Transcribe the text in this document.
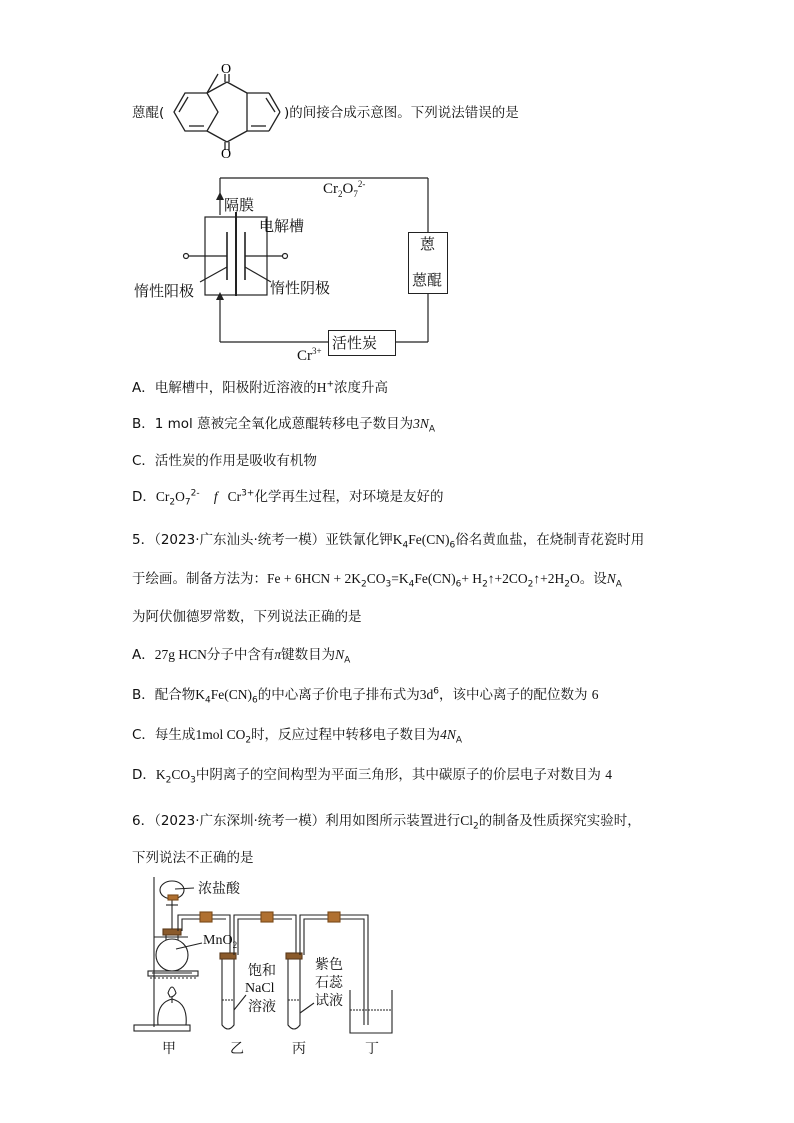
蒽醌(	)的间接合成示意图。下列说法错误的是
O
O
$Cr_2O_7^{2-}$
隔膜
电解槽
惰性阳极	惰性阴极
蒽
蒽醌
活性炭
$Cr^{3+}$
A．电解槽中，阳极附近溶液的H+浓度升高
B．1 mol 蒽被完全氧化成蒽醌转移电子数目为$3N_A$
C．活性炭的作用是吸收有机物
D．$Cr_2O_7^{2-}$ f $Cr^{3+}$化学再生过程，对环境是友好的
5．（2023·广东汕头·统考一模）亚铁氰化钾$K_4Fe(CN)_6$俗名黄血盐，在烧制青花瓷时用
于绘画。制备方法为：$Fe + 6HCN + 2K_2CO_3=K_4Fe(CN)_6+$ $H_2↑+2CO_2↑+2H_2O$。设$N_A$
为阿伏伽德罗常数，下列说法正确的是
A．27g HCN分子中含有π键数目为$N_A$
B．配合物$K_4Fe(CN)_6$的中心离子价电子排布式为$3d^6$，该中心离子的配位数为 6
C．每生成1mol $CO_2$时，反应过程中转移电子数目为$4N_A$
D．$K_2CO_3$中阴离子的空间构型为平面三角形，其中碳原子的价层电子对数目为 4
6．（2023·广东深圳·统考一模）利用如图所示装置进行$Cl_2$的制备及性质探究实验时，
下列说法不正确的是
浓盐酸
MnO$_2$
饱和
NaCl
溶液
紫色
石蕊
试液
甲	乙	丙	丁
